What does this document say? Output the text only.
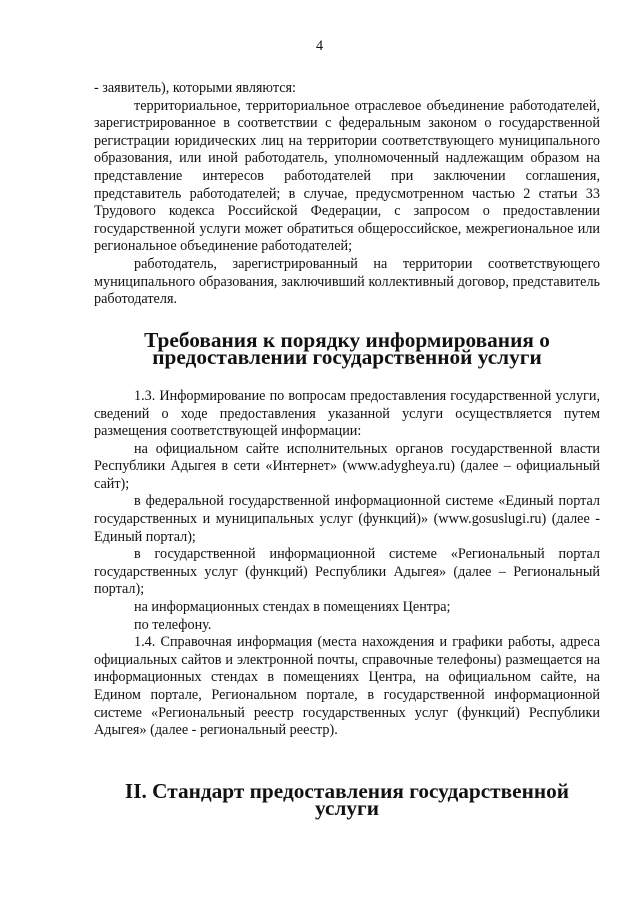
4

- заявитель), которыми являются:

территориальное, территориальное отраслевое объединение работодателей, зарегистрированное в соответствии с федеральным законом о государственной регистрации юридических лиц на территории соответствующего муниципального образования, или иной работодатель, уполномоченный надлежащим образом на представление интересов работодателей при заключении соглашения, представитель работодателей; в случае, предусмотренном частью 2 статьи 33 Трудового кодекса Российской Федерации, с запросом о предоставлении государственной услуги может обратиться общероссийское, межрегиональное или региональное объединение работодателей;

работодатель, зарегистрированный на территории соответствующего муниципального образования, заключивший коллективный договор, представитель работодателя.

Требования к порядку информирования о предоставлении государственной услуги

1.3. Информирование по вопросам предоставления государственной услуги, сведений о ходе предоставления указанной услуги осуществляется путем размещения соответствующей информации:

на официальном сайте исполнительных органов государственной власти Республики Адыгея в сети «Интернет» (www.adygheya.ru) (далее – официальный сайт);

в федеральной государственной информационной системе «Единый портал государственных и муниципальных услуг (функций)» (www.gosuslugi.ru) (далее - Единый портал);

в государственной информационной системе «Региональный портал государственных услуг (функций) Республики Адыгея» (далее – Региональный портал);

на информационных стендах в помещениях Центра;

по телефону.

1.4. Справочная информация (места нахождения и графики работы, адреса официальных сайтов и электронной почты, справочные телефоны) размещается на информационных стендах в помещениях Центра, на официальном сайте, на Едином портале, Региональном портале, в государственной информационной системе «Региональный реестр государственных услуг (функций) Республики Адыгея» (далее - региональный реестр).

II. Стандарт предоставления государственной услуги
